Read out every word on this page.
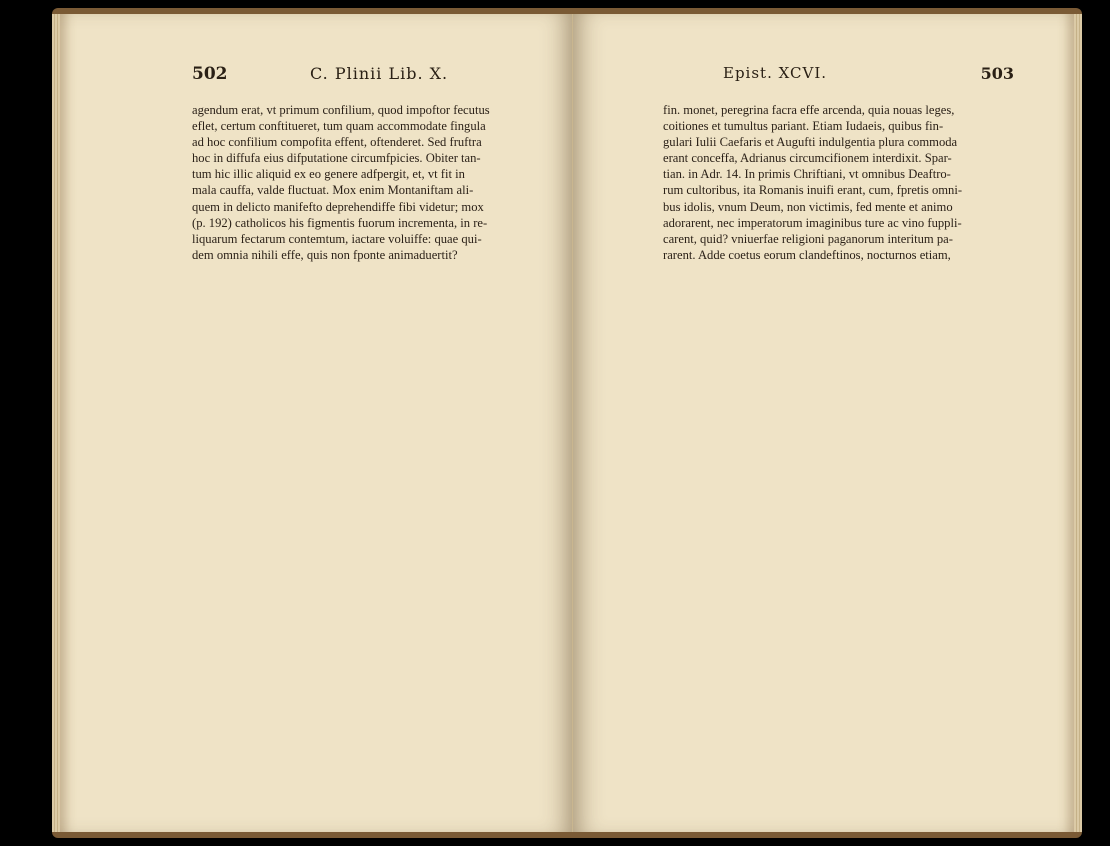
502	C. Plinii Lib. X.
agendum erat, vt primum confilium, quod impoftor fecutus
eflet, certum conftitueret, tum quam accommodate fingula
ad hoc confilium compofita effent, oftenderet. Sed fruftra
hoc in diffufa eius difputatione circumfpicies. Obiter tan-
tum hic illic aliquid ex eo genere adfpergit, et, vt fit in
mala cauffa, valde fluctuat. Mox enim Montaniftam ali-
quem in delicto manifefto deprehendiffe fibi videtur; mox
(p. 192) catholicos his figmentis fuorum incrementa, in re-
liquarum fectarum contemtum, iactare voluiffe: quae qui-
dem omnia nihili effe, quis non fponte animaduertit?
Epist. XCVI.	503
fin. monet, peregrina facra effe arcenda, quia nouas leges,
coitiones et tumultus pariant. Etiam Iudaeis, quibus fin-
gulari Iulii Caefaris et Augufti indulgentia plura commoda
erant conceffa, Adrianus circumcifionem interdixit. Spar-
tian. in Adr. 14. In primis Chriftiani, vt omnibus Deaftro-
rum cultoribus, ita Romanis inuifi erant, cum, fpretis omni-
bus idolis, vnum Deum, non victimis, fed mente et animo
adorarent, nec imperatorum imaginibus ture ac vino fuppli-
carent, quid? vniuerfae religioni paganorum interitum pa-
rarent. Adde coetus eorum clandeftinos, nocturnos etiam,
